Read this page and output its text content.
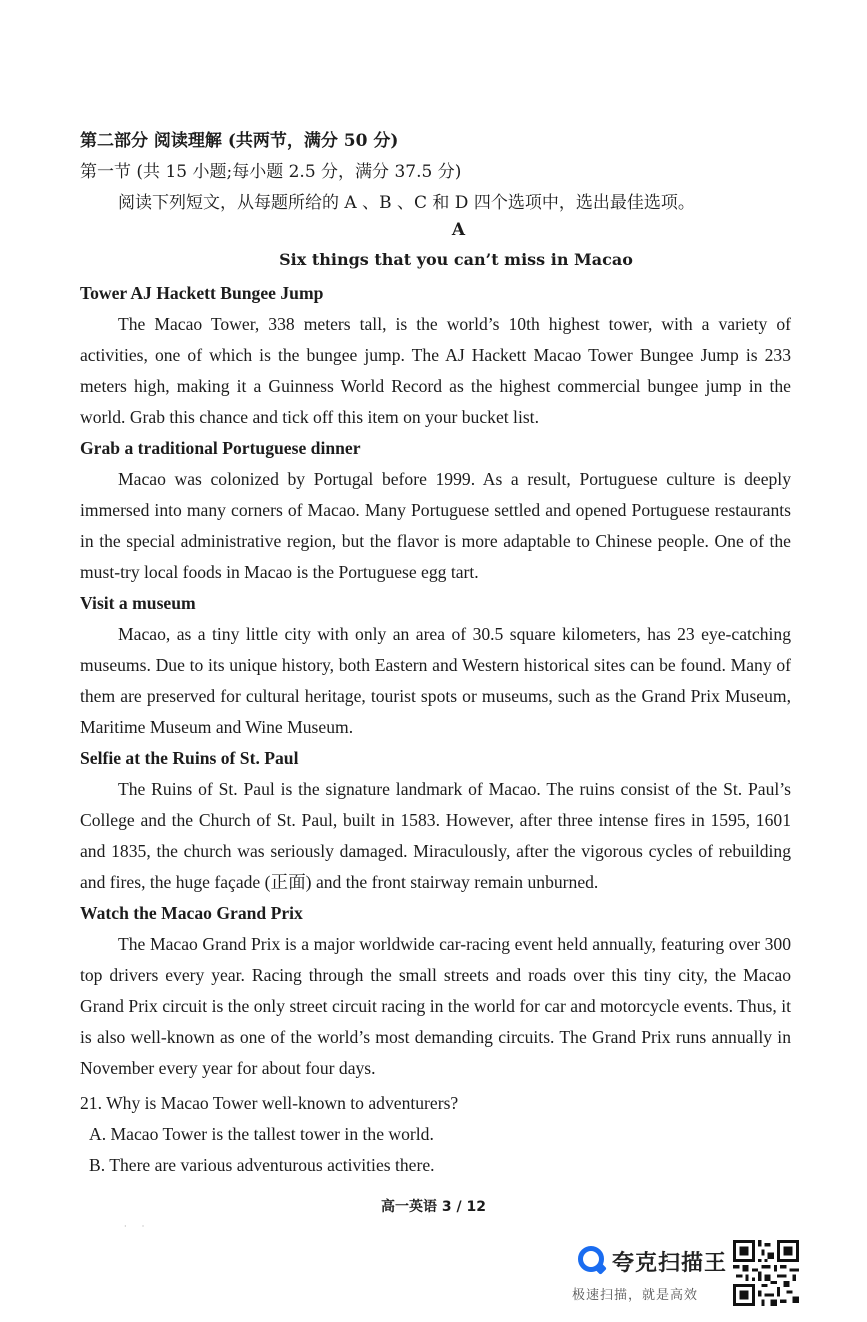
第二部分 阅读理解 (共两节，满分 50 分)
第一节 (共 15 小题;每小题 2.5 分，满分 37.5 分)
阅读下列短文，从每题所给的 A 、B 、C 和 D 四个选项中，选出最佳选项。
A
Six things that you can’t miss in Macao

Tower AJ Hackett Bungee Jump

The Macao Tower, 338 meters tall, is the world’s 10th highest tower, with a variety of activities, one of which is the bungee jump. The AJ Hackett Macao Tower Bungee Jump is 233 meters high, making it a Guinness World Record as the highest commercial bungee jump in the world. Grab this chance and tick off this item on your bucket list.

Grab a traditional Portuguese dinner

Macao was colonized by Portugal before 1999. As a result, Portuguese culture is deeply immersed into many corners of Macao. Many Portuguese settled and opened Portuguese restaurants in the special administrative region, but the flavor is more adaptable to Chinese people. One of the must-try local foods in Macao is the Portuguese egg tart.

Visit a museum

Macao, as a tiny little city with only an area of 30.5 square kilometers, has 23 eye-catching museums. Due to its unique history, both Eastern and Western historical sites can be found. Many of them are preserved for cultural heritage, tourist spots or museums, such as the Grand Prix Museum, Maritime Museum and Wine Museum.

Selfie at the Ruins of St. Paul

The Ruins of St. Paul is the signature landmark of Macao. The ruins consist of the St. Paul’s College and the Church of St. Paul, built in 1583. However, after three intense fires in 1595, 1601 and 1835, the church was seriously damaged. Miraculously, after the vigorous cycles of rebuilding and fires, the huge façade (正面) and the front stairway remain unburned.

Watch the Macao Grand Prix

The Macao Grand Prix is a major worldwide car-racing event held annually, featuring over 300 top drivers every year. Racing through the small streets and roads over this tiny city, the Macao Grand Prix circuit is the only street circuit racing in the world for car and motorcycle events. Thus, it is also well-known as one of the world’s most demanding circuits. The Grand Prix runs annually in November every year for about four days.

21. Why is Macao Tower well-known to adventurers?
A. Macao Tower is the tallest tower in the world.
B. There are various adventurous activities there.
·      ·
高一英语 3 / 12
夸克扫描王
极速扫描，就是高效
